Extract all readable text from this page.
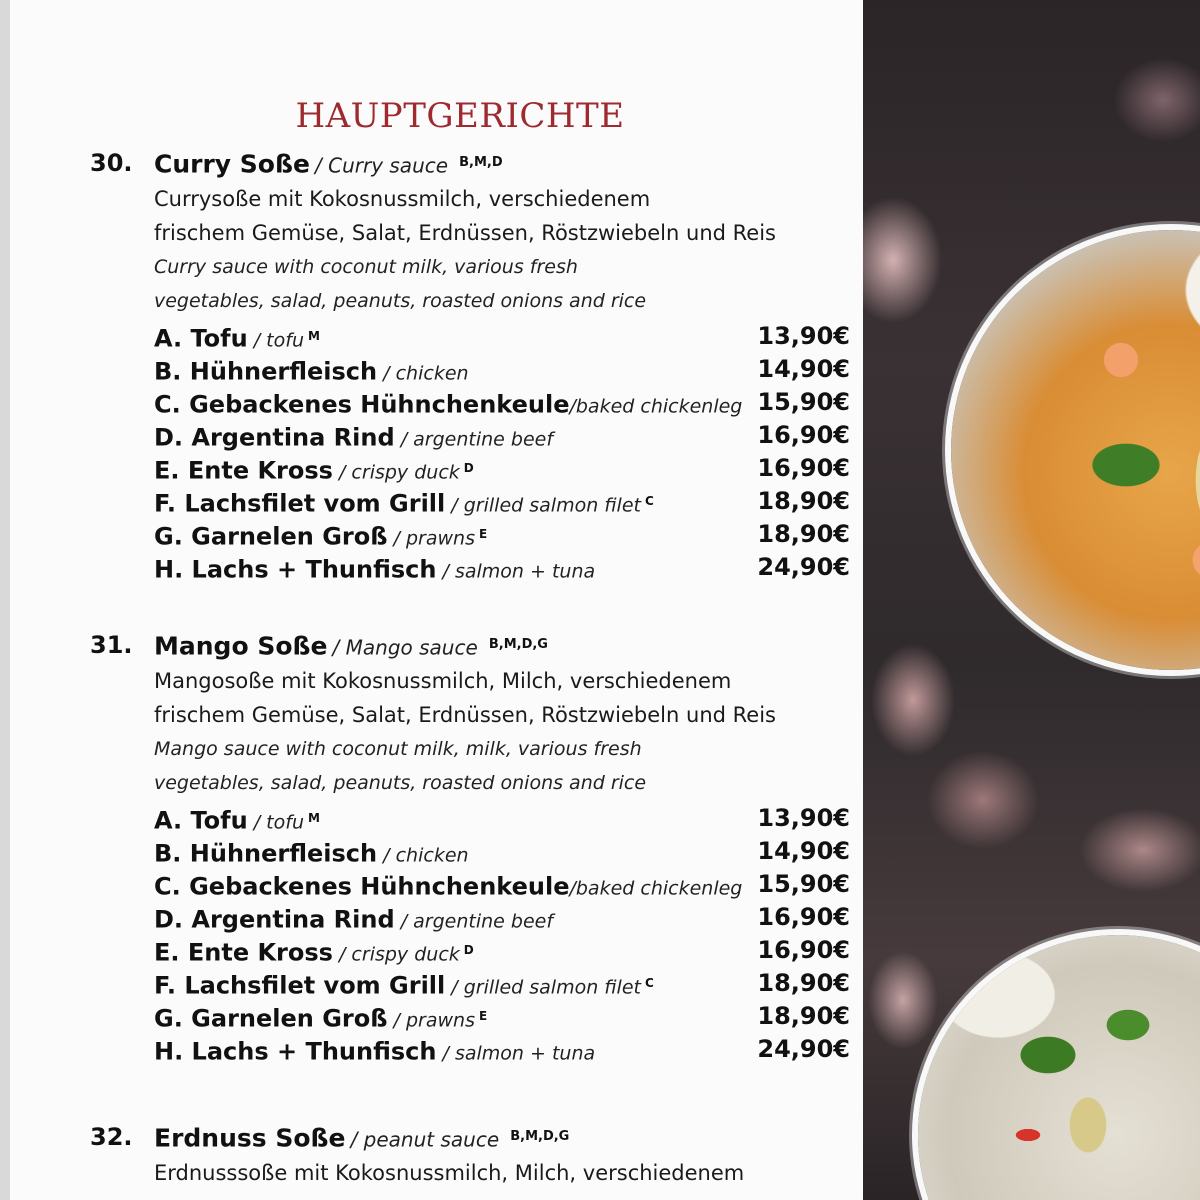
HAUPTGERICHTE
30. Curry Soße / Curry sauce $^{B,M,D}$
Currysoße mit Kokosnussmilch, verschiedenem
frischem Gemüse, Salat, Erdnüssen, Röstzwiebeln und Reis
Curry sauce with coconut milk, various fresh
vegetables, salad, peanuts, roasted onions and rice
A. Tofu / tofu $^M$	13,90€
B. Hühnerfleisch / chicken	14,90€
C. Gebackenes Hühnchenkeule/baked chickenleg 15,90€
D. Argentina Rind / argentine beef	16,90€
E. Ente Kross / crispy duck $^D$	16,90€
F. Lachsfilet vom Grill / grilled salmon filet $^C$	18,90€
G. Garnelen Groß / prawns $^E$	18,90€
H. Lachs + Thunfisch / salmon + tuna	24,90€
31. Mango Soße / Mango sauce $^{B,M,D,G}$
Mangosoße mit Kokosnussmilch, Milch, verschiedenem
frischem Gemüse, Salat, Erdnüssen, Röstzwiebeln und Reis
Mango sauce with coconut milk, milk, various fresh
vegetables, salad, peanuts, roasted onions and rice
A. Tofu / tofu $^M$	13,90€
B. Hühnerfleisch / chicken	14,90€
C. Gebackenes Hühnchenkeule/baked chickenleg 15,90€
D. Argentina Rind / argentine beef	16,90€
E. Ente Kross / crispy duck $^D$	16,90€
F. Lachsfilet vom Grill / grilled salmon filet $^C$	18,90€
G. Garnelen Groß / prawns $^E$	18,90€
H. Lachs + Thunfisch / salmon + tuna	24,90€
32. Erdnuss Soße / peanut sauce $^{B,M,D,G}$
Erdnusssoße mit Kokosnussmilch, Milch, verschiedenem
